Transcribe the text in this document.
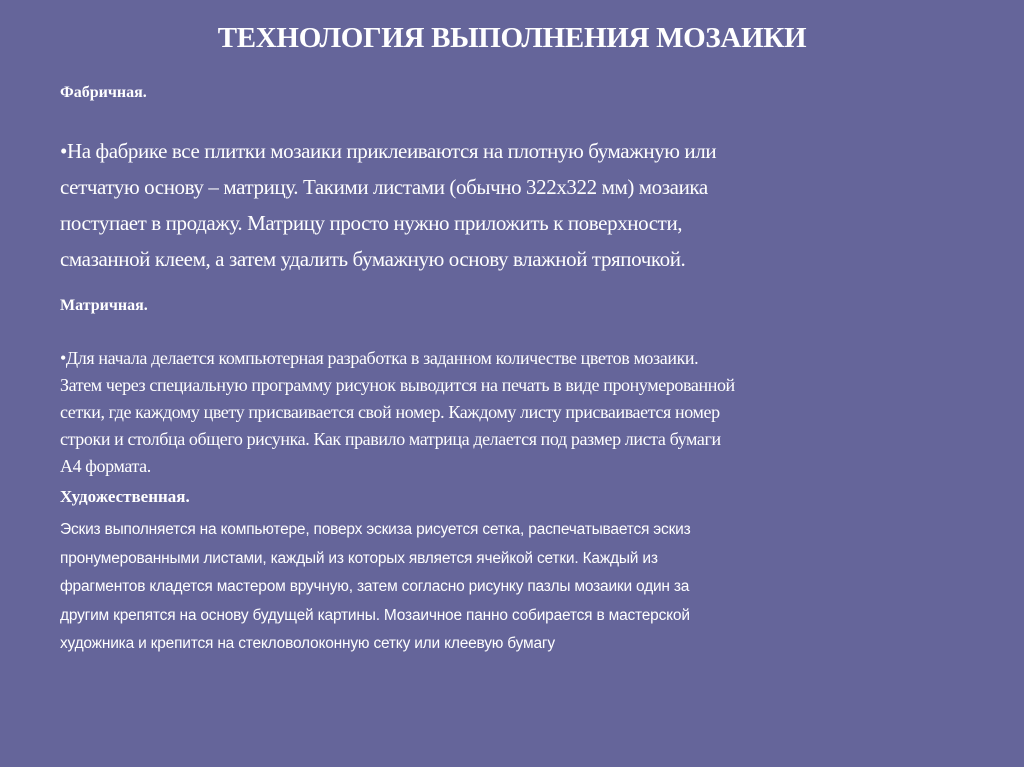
ТЕХНОЛОГИЯ ВЫПОЛНЕНИЯ МОЗАИКИ
Фабричная.
•На фабрике все плитки мозаики приклеиваются на плотную бумажную или
сетчатую основу – матрицу. Такими листами (обычно 322х322 мм) мозаика
поступает в продажу. Матрицу просто нужно приложить к поверхности,
смазанной клеем, а затем удалить бумажную основу влажной тряпочкой.
Матричная.
•Для начала делается компьютерная разработка в заданном количестве цветов мозаики.
Затем через специальную программу рисунок выводится на печать в виде пронумерованной
сетки, где каждому цвету присваивается свой номер. Каждому листу присваивается номер
строки и столбца общего рисунка. Как правило матрица делается под размер листа бумаги
А4 формата.
Художественная.
Эскиз выполняется на компьютере, поверх эскиза рисуется сетка, распечатывается эскиз
пронумерованными листами, каждый из которых является ячейкой сетки. Каждый из
фрагментов кладется мастером вручную, затем согласно рисунку пазлы мозаики один за
другим крепятся на основу будущей картины. Мозаичное панно собирается в мастерской
художника и крепится на стекловолоконную сетку или клеевую бумагу
